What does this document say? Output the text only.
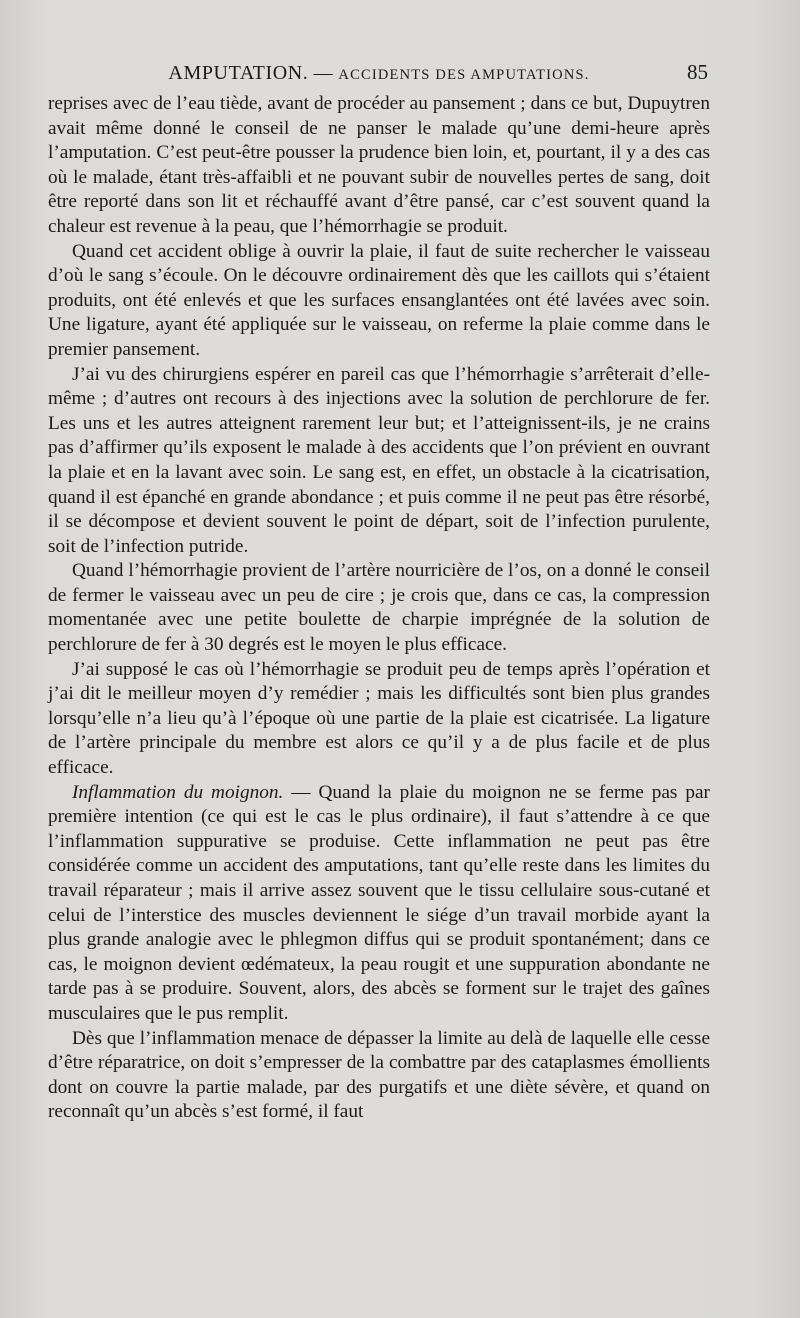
AMPUTATION. — ACCIDENTS DES AMPUTATIONS.	85

reprises avec de l’eau tiède, avant de procéder au pansement ; dans ce but, Dupuytren avait même donné le conseil de ne panser le malade qu’une demi-heure après l’amputation. C’est peut-être pousser la prudence bien loin, et, pourtant, il y a des cas où le malade, étant très-affaibli et ne pouvant subir de nouvelles pertes de sang, doit être reporté dans son lit et réchauffé avant d’être pansé, car c’est souvent quand la chaleur est revenue à la peau, que l’hémorrhagie se produit.

Quand cet accident oblige à ouvrir la plaie, il faut de suite rechercher le vaisseau d’où le sang s’écoule. On le découvre ordinairement dès que les caillots qui s’étaient produits, ont été enlevés et que les surfaces ensanglantées ont été lavées avec soin. Une ligature, ayant été appliquée sur le vaisseau, on referme la plaie comme dans le premier pansement.

J’ai vu des chirurgiens espérer en pareil cas que l’hémorrhagie s’arrêterait d’elle-même ; d’autres ont recours à des injections avec la solution de perchlorure de fer. Les uns et les autres atteignent rarement leur but; et l’atteignissent-ils, je ne crains pas d’affirmer qu’ils exposent le malade à des accidents que l’on prévient en ouvrant la plaie et en la lavant avec soin. Le sang est, en effet, un obstacle à la cicatrisation, quand il est épanché en grande abondance ; et puis comme il ne peut pas être résorbé, il se décompose et devient souvent le point de départ, soit de l’infection purulente, soit de l’infection putride.

Quand l’hémorrhagie provient de l’artère nourricière de l’os, on a donné le conseil de fermer le vaisseau avec un peu de cire ; je crois que, dans ce cas, la compression momentanée avec une petite boulette de charpie imprégnée de la solution de perchlorure de fer à 30 degrés est le moyen le plus efficace.

J’ai supposé le cas où l’hémorrhagie se produit peu de temps après l’opération et j’ai dit le meilleur moyen d’y remédier ; mais les difficultés sont bien plus grandes lorsqu’elle n’a lieu qu’à l’époque où une partie de la plaie est cicatrisée. La ligature de l’artère principale du membre est alors ce qu’il y a de plus facile et de plus efficace.

Inflammation du moignon. — Quand la plaie du moignon ne se ferme pas par première intention (ce qui est le cas le plus ordinaire), il faut s’attendre à ce que l’inflammation suppurative se produise. Cette inflammation ne peut pas être considérée comme un accident des amputations, tant qu’elle reste dans les limites du travail réparateur ; mais il arrive assez souvent que le tissu cellulaire sous-cutané et celui de l’interstice des muscles deviennent le siége d’un travail morbide ayant la plus grande analogie avec le phlegmon diffus qui se produit spontanément; dans ce cas, le moignon devient œdémateux, la peau rougit et une suppuration abondante ne tarde pas à se produire. Souvent, alors, des abcès se forment sur le trajet des gaînes musculaires que le pus remplit.

Dès que l’inflammation menace de dépasser la limite au delà de laquelle elle cesse d’être réparatrice, on doit s’empresser de la combattre par des cataplasmes émollients dont on couvre la partie malade, par des purgatifs et une diète sévère, et quand on reconnaît qu’un abcès s’est formé, il faut
